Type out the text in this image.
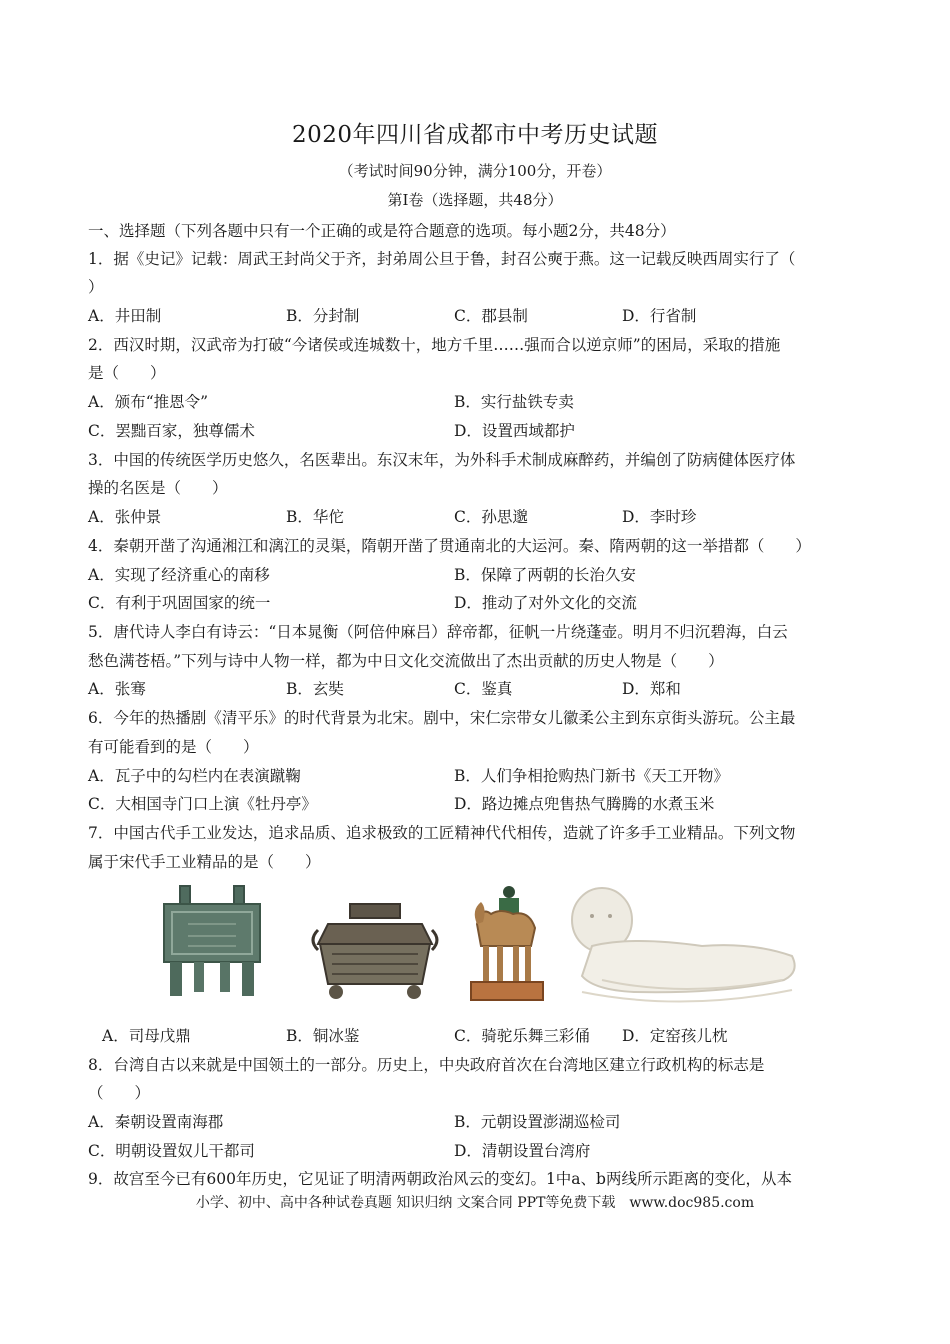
2020年四川省成都市中考历史试题
（考试时间90分钟，满分100分，开卷）
第Ⅰ卷（选择题，共48分）
一、选择题（下列各题中只有一个正确的或是符合题意的选项。每小题2分，共48分）
1．据《史记》记载：周武王封尚父于齐，封弟周公旦于鲁，封召公奭于燕。这一记载反映西周实行了（
）
A．井田制	B．分封制	C．郡县制	D．行省制
2．西汉时期，汉武帝为打破“今诸侯或连城数十，地方千里……强而合以逆京师”的困局，采取的措施
是（　　）
A．颁布“推恩令”	B．实行盐铁专卖
C．罢黜百家，独尊儒术	D．设置西域都护
3．中国的传统医学历史悠久，名医辈出。东汉末年，为外科手术制成麻醉药，并编创了防病健体医疗体
操的名医是（　　）
A．张仲景	B．华佗	C．孙思邈	D．李时珍
4．秦朝开凿了沟通湘江和漓江的灵渠，隋朝开凿了贯通南北的大运河。秦、隋两朝的这一举措都（　　）
A．实现了经济重心的南移	B．保障了两朝的长治久安
C．有利于巩固国家的统一	D．推动了对外文化的交流
5．唐代诗人李白有诗云：“日本晁衡（阿倍仲麻吕）辞帝都，征帆一片绕蓬壶。明月不归沉碧海，白云
愁色满苍梧。”下列与诗中人物一样，都为中日文化交流做出了杰出贡献的历史人物是（　　）
A．张骞	B．玄奘	C．鉴真	D．郑和
6．今年的热播剧《清平乐》的时代背景为北宋。剧中，宋仁宗带女儿徽柔公主到东京街头游玩。公主最
有可能看到的是（　　）
A．瓦子中的勾栏内在表演蹴鞠	B．人们争相抢购热门新书《天工开物》
C．大相国寺门口上演《牡丹亭》	D．路边摊点兜售热气腾腾的水煮玉米
7．中国古代手工业发达，追求品质、追求极致的工匠精神代代相传，造就了许多手工业精品。下列文物
属于宋代手工业精品的是（　　）
A．司母戊鼎	B．铜冰鉴	C．骑驼乐舞三彩俑 D．定窑孩儿枕
8．台湾自古以来就是中国领土的一部分。历史上，中央政府首次在台湾地区建立行政机构的标志是
（　　）
A．秦朝设置南海郡	B．元朝设置澎湖巡检司
C．明朝设置奴儿干都司	D．清朝设置台湾府
9．故宫至今已有600年历史，它见证了明清两朝政治风云的变幻。1中a、b两线所示距离的变化，从本
小学、初中、高中各种试卷真题 知识归纳 文案合同 PPT等免费下载　www.doc985.com
